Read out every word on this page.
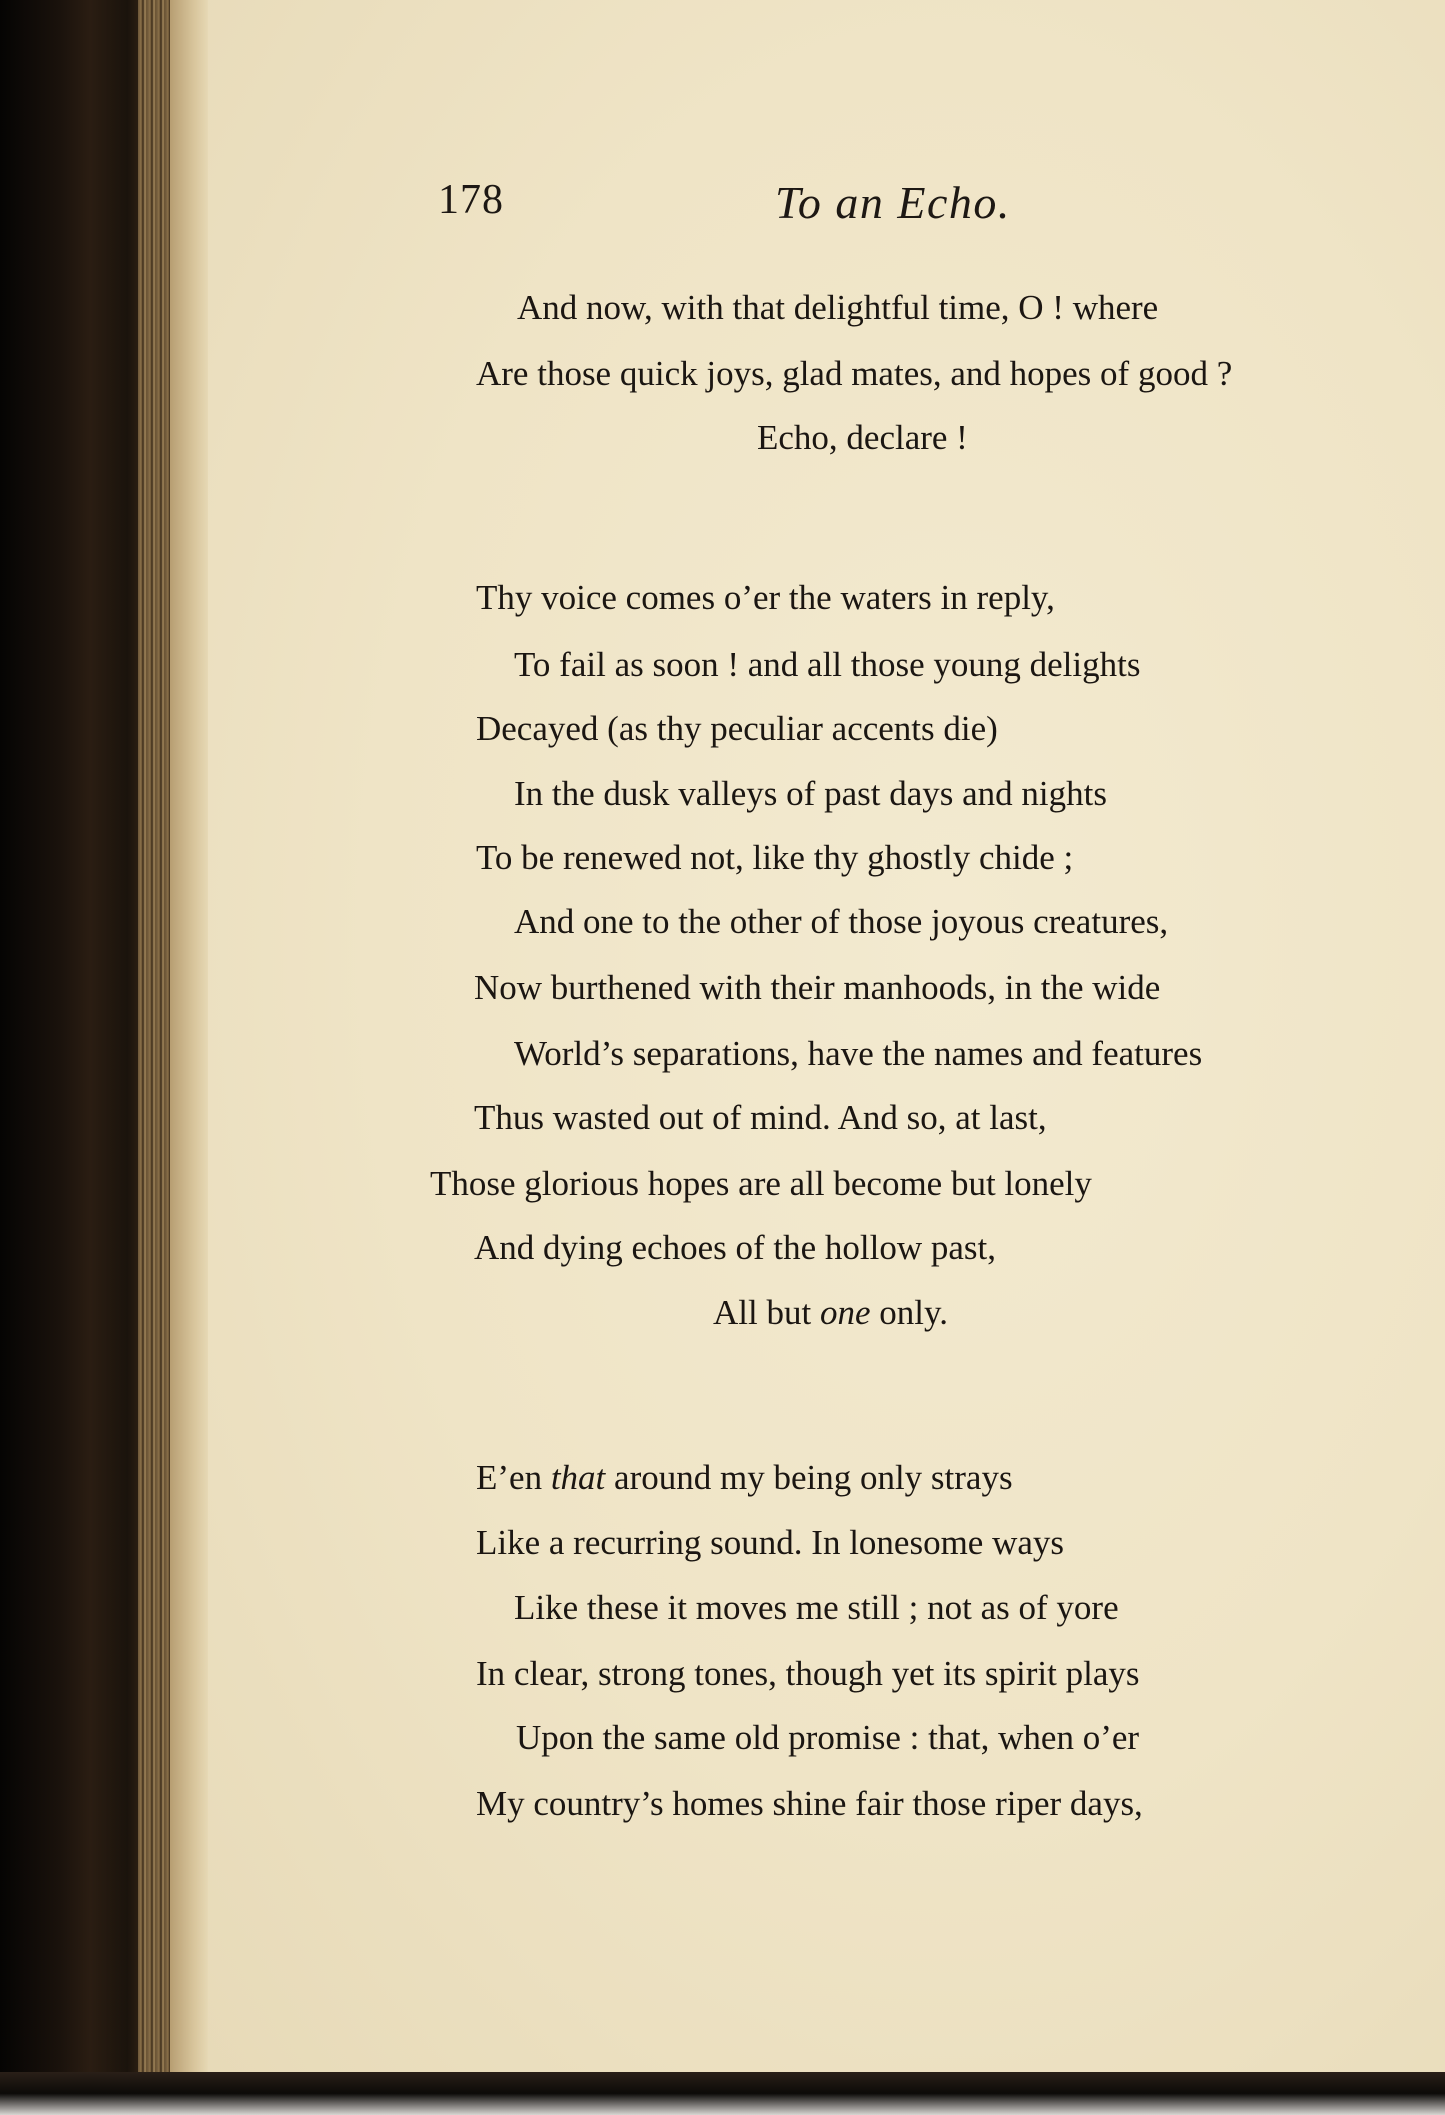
178	To an Echo.
And now, with that delightful time, O ! where
Are those quick joys, glad mates, and hopes of good ?
Echo, declare !
Thy voice comes o’er the waters in reply,
To fail as soon ! and all those young delights
Decayed (as thy peculiar accents die)
In the dusk valleys of past days and nights
To be renewed not, like thy ghostly chide ;
And one to the other of those joyous creatures,
Now burthened with their manhoods, in the wide
World’s separations, have the names and features
Thus wasted out of mind. And so, at last,
Those glorious hopes are all become but lonely
And dying echoes of the hollow past,
All but one only.
E’en that around my being only strays
Like a recurring sound. In lonesome ways
Like these it moves me still ; not as of yore
In clear, strong tones, though yet its spirit plays
Upon the same old promise : that, when o’er
My country’s homes shine fair those riper days,
